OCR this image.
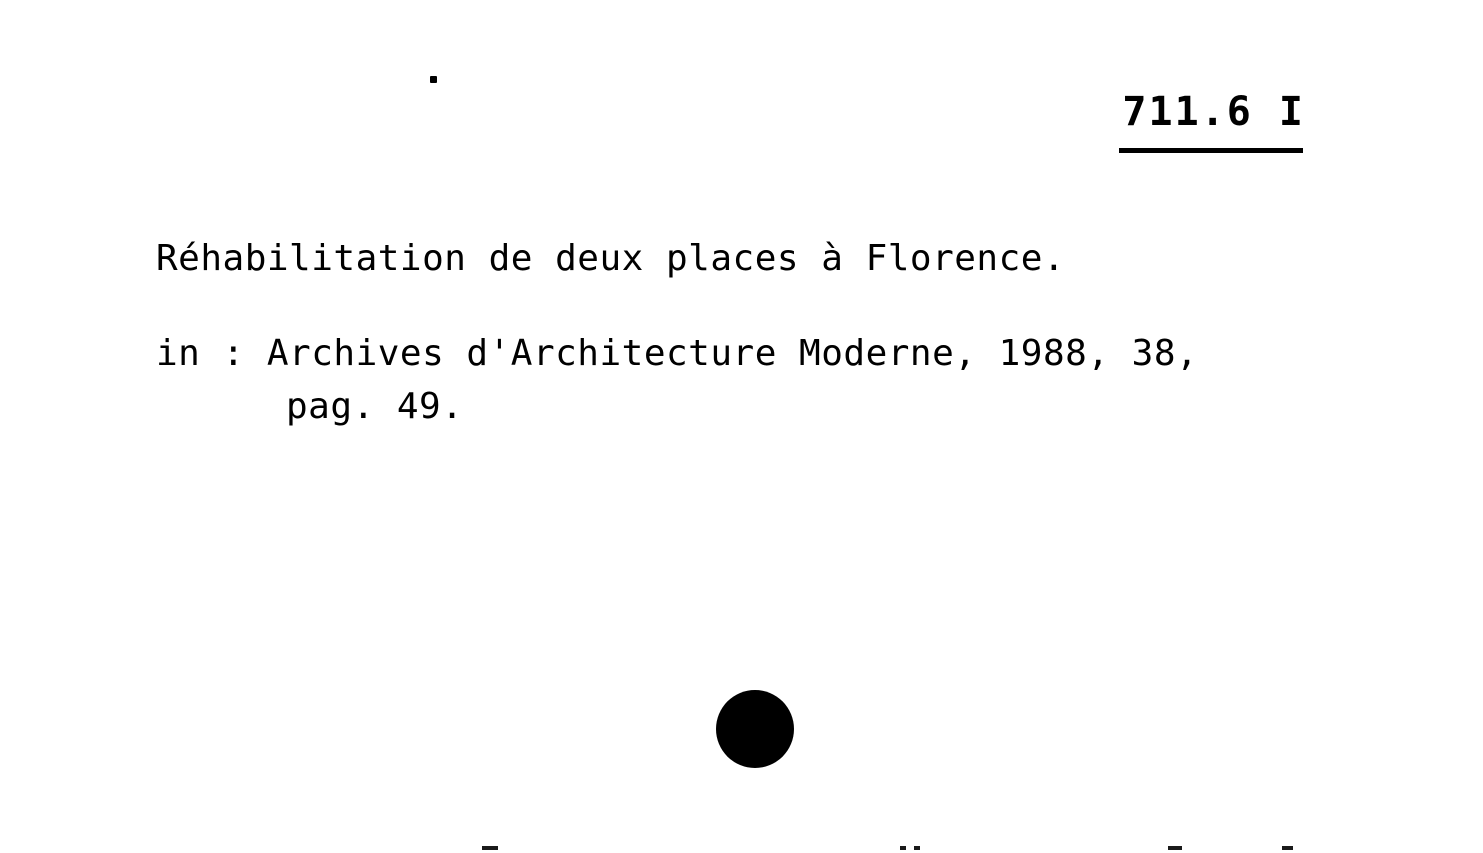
711.6 I
Réhabilitation de deux places à Florence.
in : Archives d'Architecture Moderne, 1988, 38,
pag. 49.
